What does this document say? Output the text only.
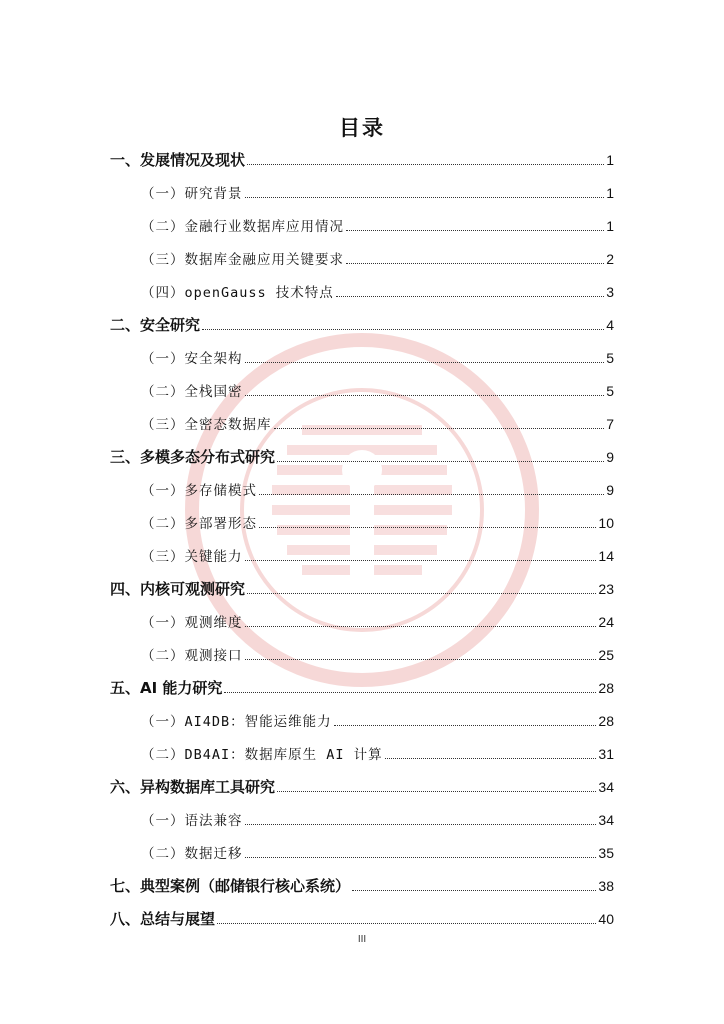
目录
一、发展情况及现状	1
（一）研究背景	1
（二）金融行业数据库应用情况	1
（三）数据库金融应用关键要求	2
（四）openGauss 技术特点	3
二、安全研究	4
（一）安全架构	5
（二）全栈国密	5
（三）全密态数据库	7
三、多模多态分布式研究	9
（一）多存储模式	9
（二）多部署形态	10
（三）关键能力	14
四、内核可观测研究	23
（一）观测维度	24
（二）观测接口	25
五、AI 能力研究	28
（一）AI4DB：智能运维能力	28
（二）DB4AI：数据库原生 AI 计算	31
六、异构数据库工具研究	34
（一）语法兼容	34
（二）数据迁移	35
七、典型案例（邮储银行核心系统）	38
八、总结与展望	40
III
